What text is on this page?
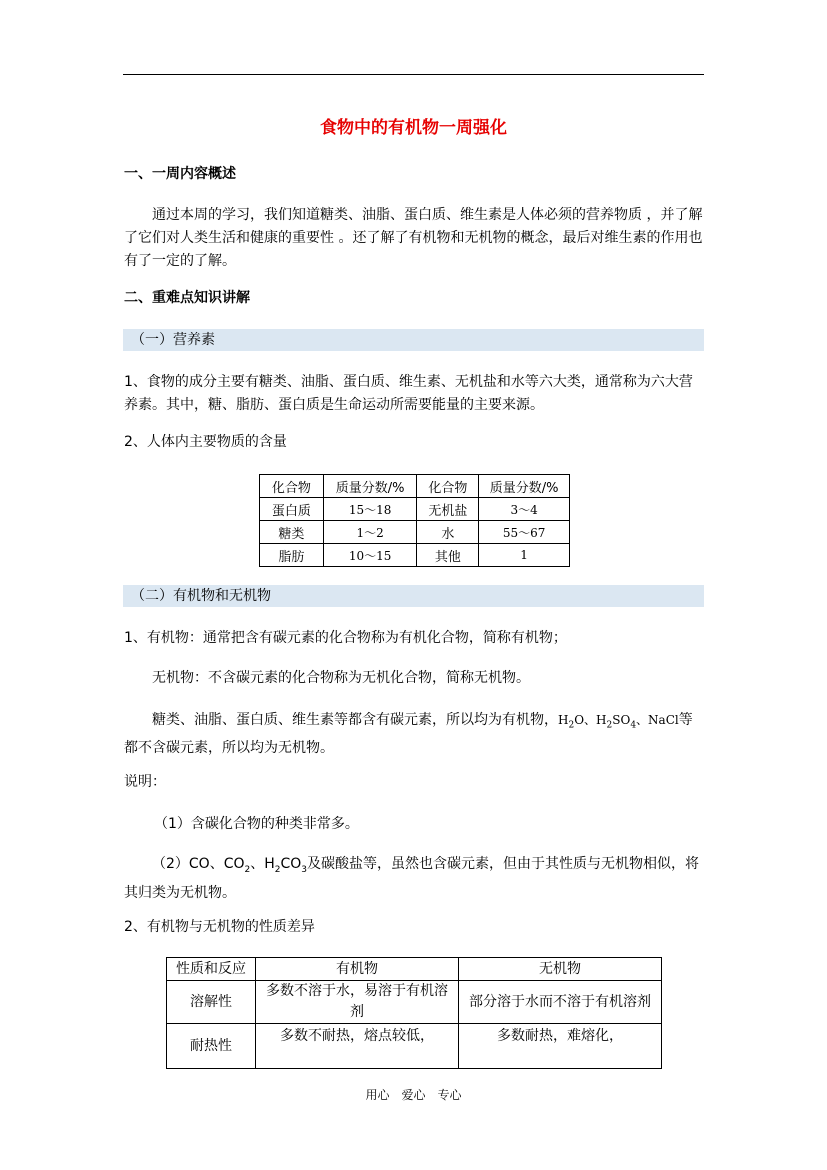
食物中的有机物一周强化
一、一周内容概述
通过本周的学习，我们知道糖类、油脂、蛋白质、维生素是人体必须的营养物质 ，并了解了它们对人类生活和健康的重要性 。还了解了有机物和无机物的概念，最后对维生素的作用也有了一定的了解。
二、重难点知识讲解
（一）营养素
1、食物的成分主要有糖类、油脂、蛋白质、维生素、无机盐和水等六大类，通常称为六大营养素。其中，糖、脂肪、蛋白质是生命运动所需要能量的主要来源。
2、人体内主要物质的含量
化合物	质量分数/%	化合物	质量分数/%
蛋白质	15～18	无机盐	3～4
糖类	1～2	水	55～67
脂肪	10～15	其他	1
（二）有机物和无机物
1、有机物：通常把含有碳元素的化合物称为有机化合物，简称有机物；
无机物：不含碳元素的化合物称为无机化合物，简称无机物。
糖类、油脂、蛋白质、维生素等都含有碳元素，所以均为有机物，$H_2O$、$H_2SO_4$、NaCl等都不含碳元素，所以均为无机物。
说明：
（1）含碳化合物的种类非常多。
（2）CO、$CO_2$、$H_2CO_3$及碳酸盐等，虽然也含碳元素，但由于其性质与无机物相似，将其归类为无机物。
2、有机物与无机物的性质差异
性质和反应	有机物	无机物
溶解性	多数不溶于水，易溶于有机溶剂	部分溶于水而不溶于有机溶剂
耐热性	多数不耐热，熔点较低，	多数耐热，难熔化，
用心　爱心　专心
